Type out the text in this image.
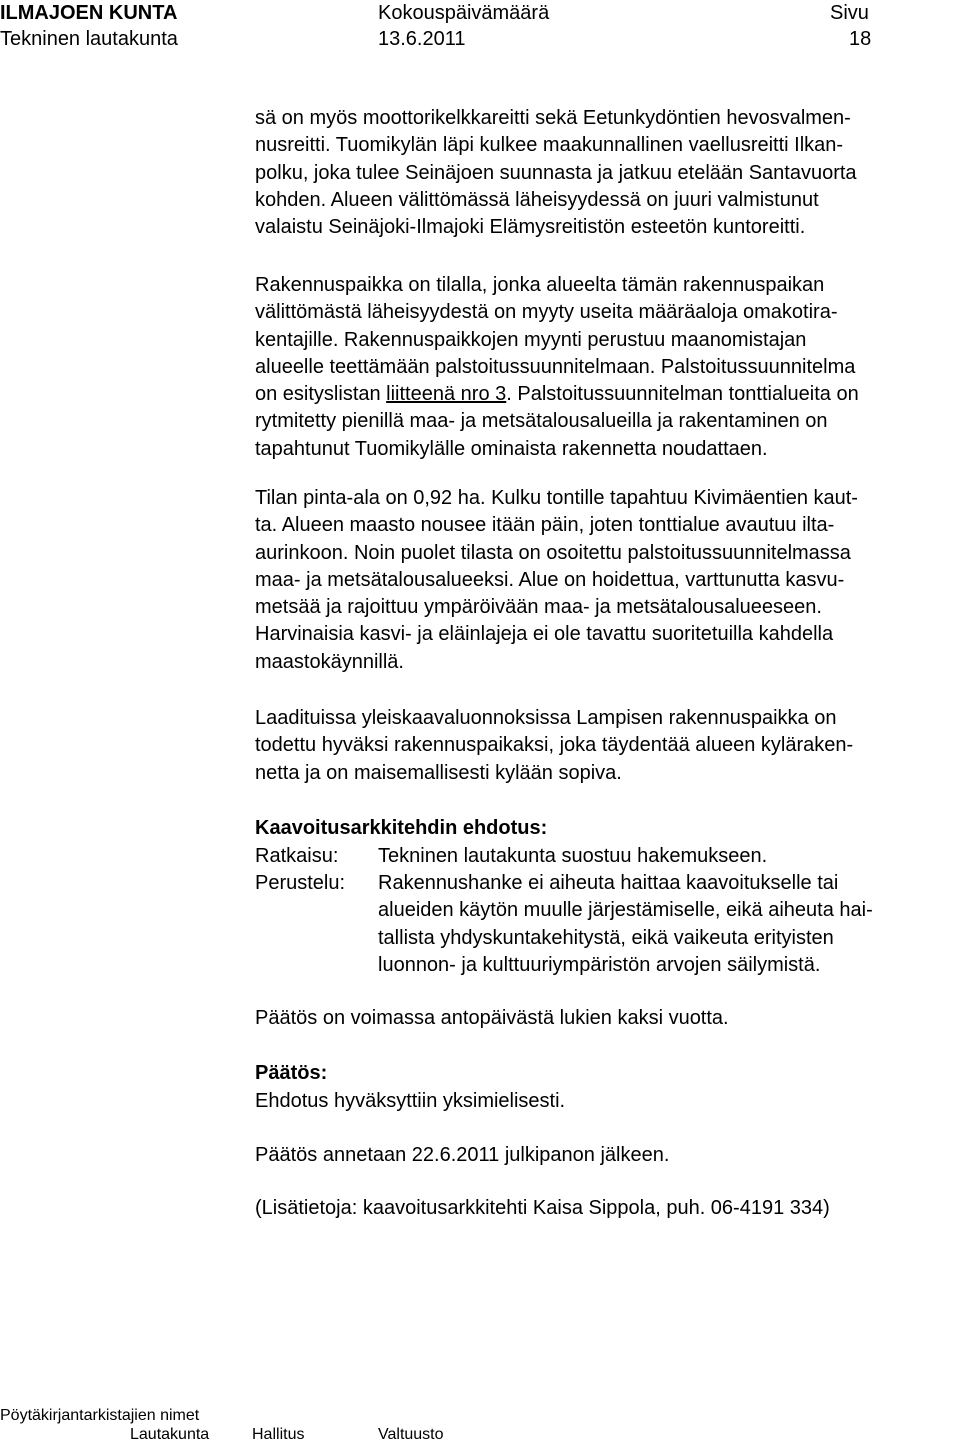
ILMAJOEN KUNTA	Kokouspäivämäärä	Sivu
Tekninen lautakunta	13.6.2011	18
sä on myös moottorikelkkareitti sekä Eetunkydöntien hevosvalmen-
nusreitti. Tuomikylän läpi kulkee maakunnallinen vaellusreitti Ilkan-
polku, joka tulee Seinäjoen suunnasta ja jatkuu etelään Santavuorta
kohden. Alueen välittömässä läheisyydessä on juuri valmistunut
valaistu Seinäjoki-Ilmajoki Elämysreitistön esteetön kuntoreitti.
Rakennuspaikka on tilalla, jonka alueelta tämän rakennuspaikan
välittömästä läheisyydestä on myyty useita määräaloja omakotira-
kentajille. Rakennuspaikkojen myynti perustuu maanomistajan
alueelle teettämään palstoitussuunnitelmaan. Palstoitussuunnitelma
on esityslistan liitteenä nro 3. Palstoitussuunnitelman tonttialueita on
rytmitetty pienillä maa- ja metsätalousalueilla ja rakentaminen on
tapahtunut Tuomikylälle ominaista rakennetta noudattaen.
Tilan pinta-ala on 0,92 ha. Kulku tontille tapahtuu Kivimäentien kaut-
ta. Alueen maasto nousee itään päin, joten tonttialue avautuu ilta-
aurinkoon. Noin puolet tilasta on osoitettu palstoitussuunnitelmassa
maa- ja metsätalousalueeksi. Alue on hoidettua, varttunutta kasvu-
metsää ja rajoittuu ympäröivään maa- ja metsätalousalueeseen.
Harvinaisia kasvi- ja eläinlajeja ei ole tavattu suoritetuilla kahdella
maastokäynnillä.
Laadituissa yleiskaavaluonnoksissa Lampisen rakennuspaikka on
todettu hyväksi rakennuspaikaksi, joka täydentää alueen kyläraken-
netta ja on maisemallisesti kylään sopiva.
Kaavoitusarkkitehdin ehdotus:
Ratkaisu: Tekninen lautakunta suostuu hakemukseen.
Perustelu: Rakennushanke ei aiheuta haittaa kaavoitukselle tai
alueiden käytön muulle järjestämiselle, eikä aiheuta hai-
tallista yhdyskuntakehitystä, eikä vaikeuta erityisten
luonnon- ja kulttuuriympäristön arvojen säilymistä.
Päätös on voimassa antopäivästä lukien kaksi vuotta.
Päätös:
Ehdotus hyväksyttiin yksimielisesti.
Päätös annetaan 22.6.2011 julkipanon jälkeen.
(Lisätietoja: kaavoitusarkkitehti Kaisa Sippola, puh. 06-4191 334)
Pöytäkirjantarkistajien nimet
Lautakunta	Hallitus	Valtuusto
